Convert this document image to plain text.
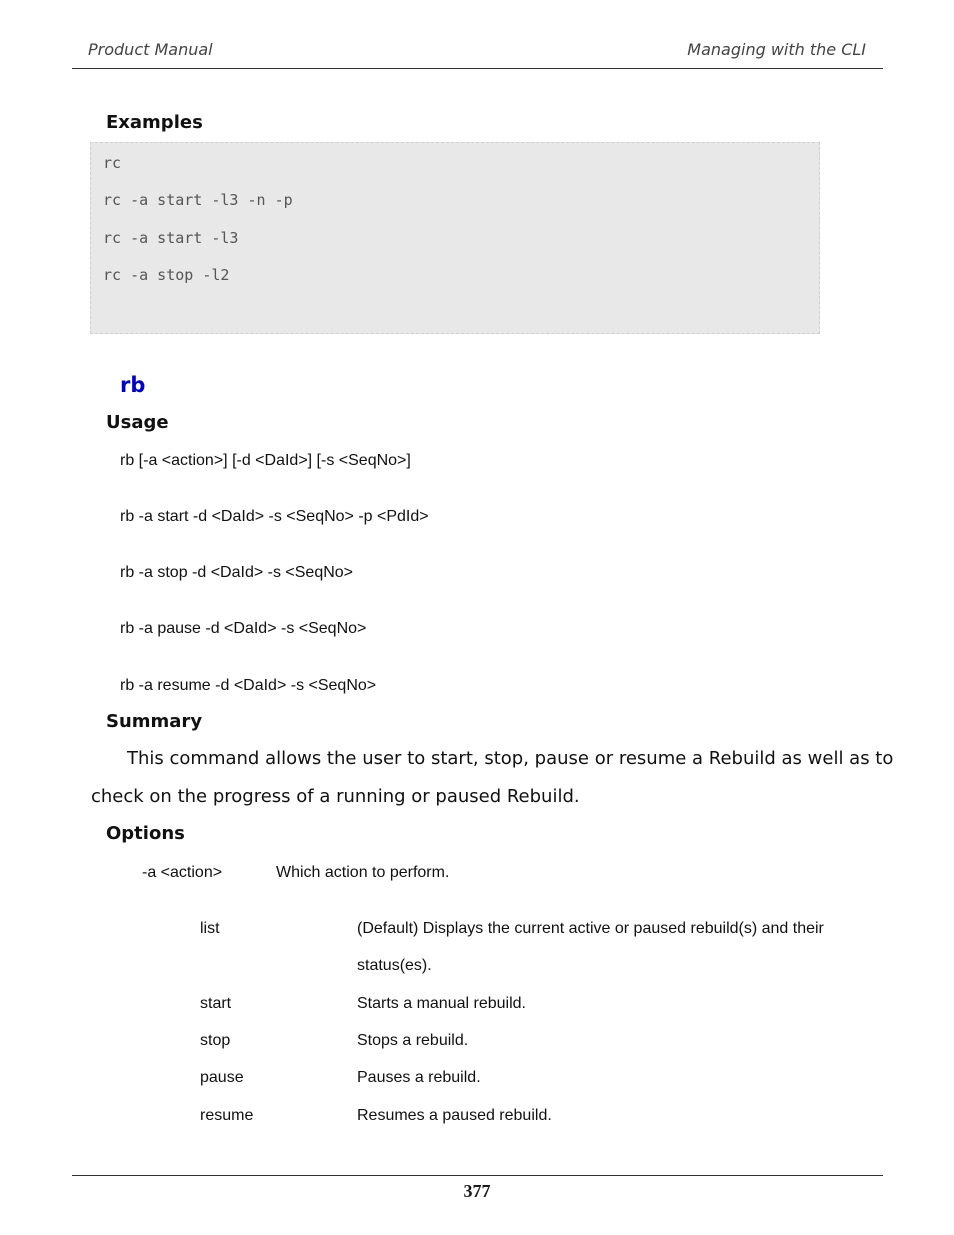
Product Manual	Managing with the CLI
Examples
rc
rc -a start -l3 -n -p
rc -a start -l3
rc -a stop -l2
rb
Usage
rb [-a <action>] [-d <DaId>] [-s <SeqNo>]
rb -a start -d <DaId> -s <SeqNo> -p <PdId>
rb -a stop -d <DaId> -s <SeqNo>
rb -a pause -d <DaId> -s <SeqNo>
rb -a resume -d <DaId> -s <SeqNo>
Summary
This command allows the user to start, stop, pause or resume a Rebuild as well as to
check on the progress of a running or paused Rebuild.
Options
-a <action>	Which action to perform.
list	(Default) Displays the current active or paused rebuild(s) and their
status(es).
start	Starts a manual rebuild.
stop	Stops a rebuild.
pause	Pauses a rebuild.
resume	Resumes a paused rebuild.
377
